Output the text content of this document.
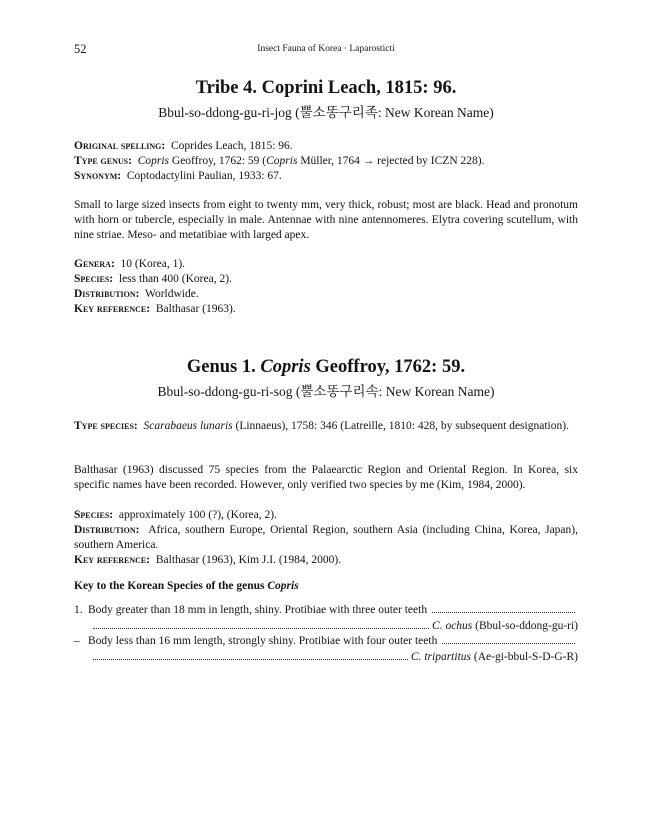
52	Insect Fauna of Korea · Laparosticti
Tribe 4. Coprini Leach, 1815: 96.
Bbul-so-ddong-gu-ri-jog (뿔소똥구리족: New Korean Name)
Original spelling: Coprides Leach, 1815: 96.
Type genus: Copris Geoffroy, 1762: 59 (Copris Müller, 1764 → rejected by ICZN 228).
Synonym: Coptodactylini Paulian, 1933: 67.
Small to large sized insects from eight to twenty mm, very thick, robust; most are black. Head and pronotum with horn or tubercle, especially in male. Antennae with nine antennomeres. Elytra covering scutellum, with nine striae. Meso- and metatibiae with larged apex.
Genera: 10 (Korea, 1).
Species: less than 400 (Korea, 2).
Distribution: Worldwide.
Key reference: Balthasar (1963).
Genus 1. Copris Geoffroy, 1762: 59.
Bbul-so-ddong-gu-ri-sog (뿔소똥구리속: New Korean Name)
Type species: Scarabaeus lunaris (Linnaeus), 1758: 346 (Latreille, 1810: 428, by subsequent designation).
Balthasar (1963) discussed 75 species from the Palaearctic Region and Oriental Region. In Korea, six specific names have been recorded. However, only verified two species by me (Kim, 1984, 2000).
Species: approximately 100 (?), (Korea, 2).
Distribution: Africa, southern Europe, Oriental Region, southern Asia (including China, Korea, Japan), southern America.
Key reference: Balthasar (1963), Kim J.I. (1984, 2000).
Key to the Korean Species of the genus Copris
1. Body greater than 18 mm in length, shiny. Protibiae with three outer teeth
C. ochus (Bbul-so-ddong-gu-ri)
– Body less than 16 mm length, strongly shiny. Protibiae with four outer teeth
C. tripartitus (Ae-gi-bbul-S-D-G-R)
